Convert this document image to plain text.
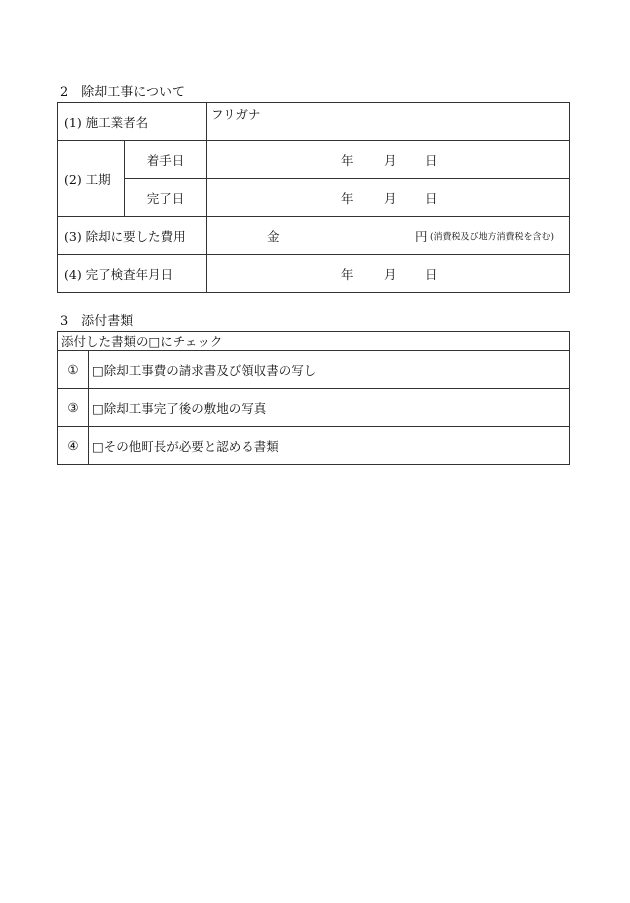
2　除却工事について
(1) 施工業者名		フリガナ
(2) 工期	着手日	年 月 日

	完了日	年 月 日

(3) 除却に要した費用		金 円 (消費税及び地方消費税を含む)

(4) 完了検査年月日		年 月 日
3　添付書類
添付した書類の□にチェック	
①	□除却工事費の請求書及び領収書の写し
③	□除却工事完了後の敷地の写真
④	□その他町長が必要と認める書類
